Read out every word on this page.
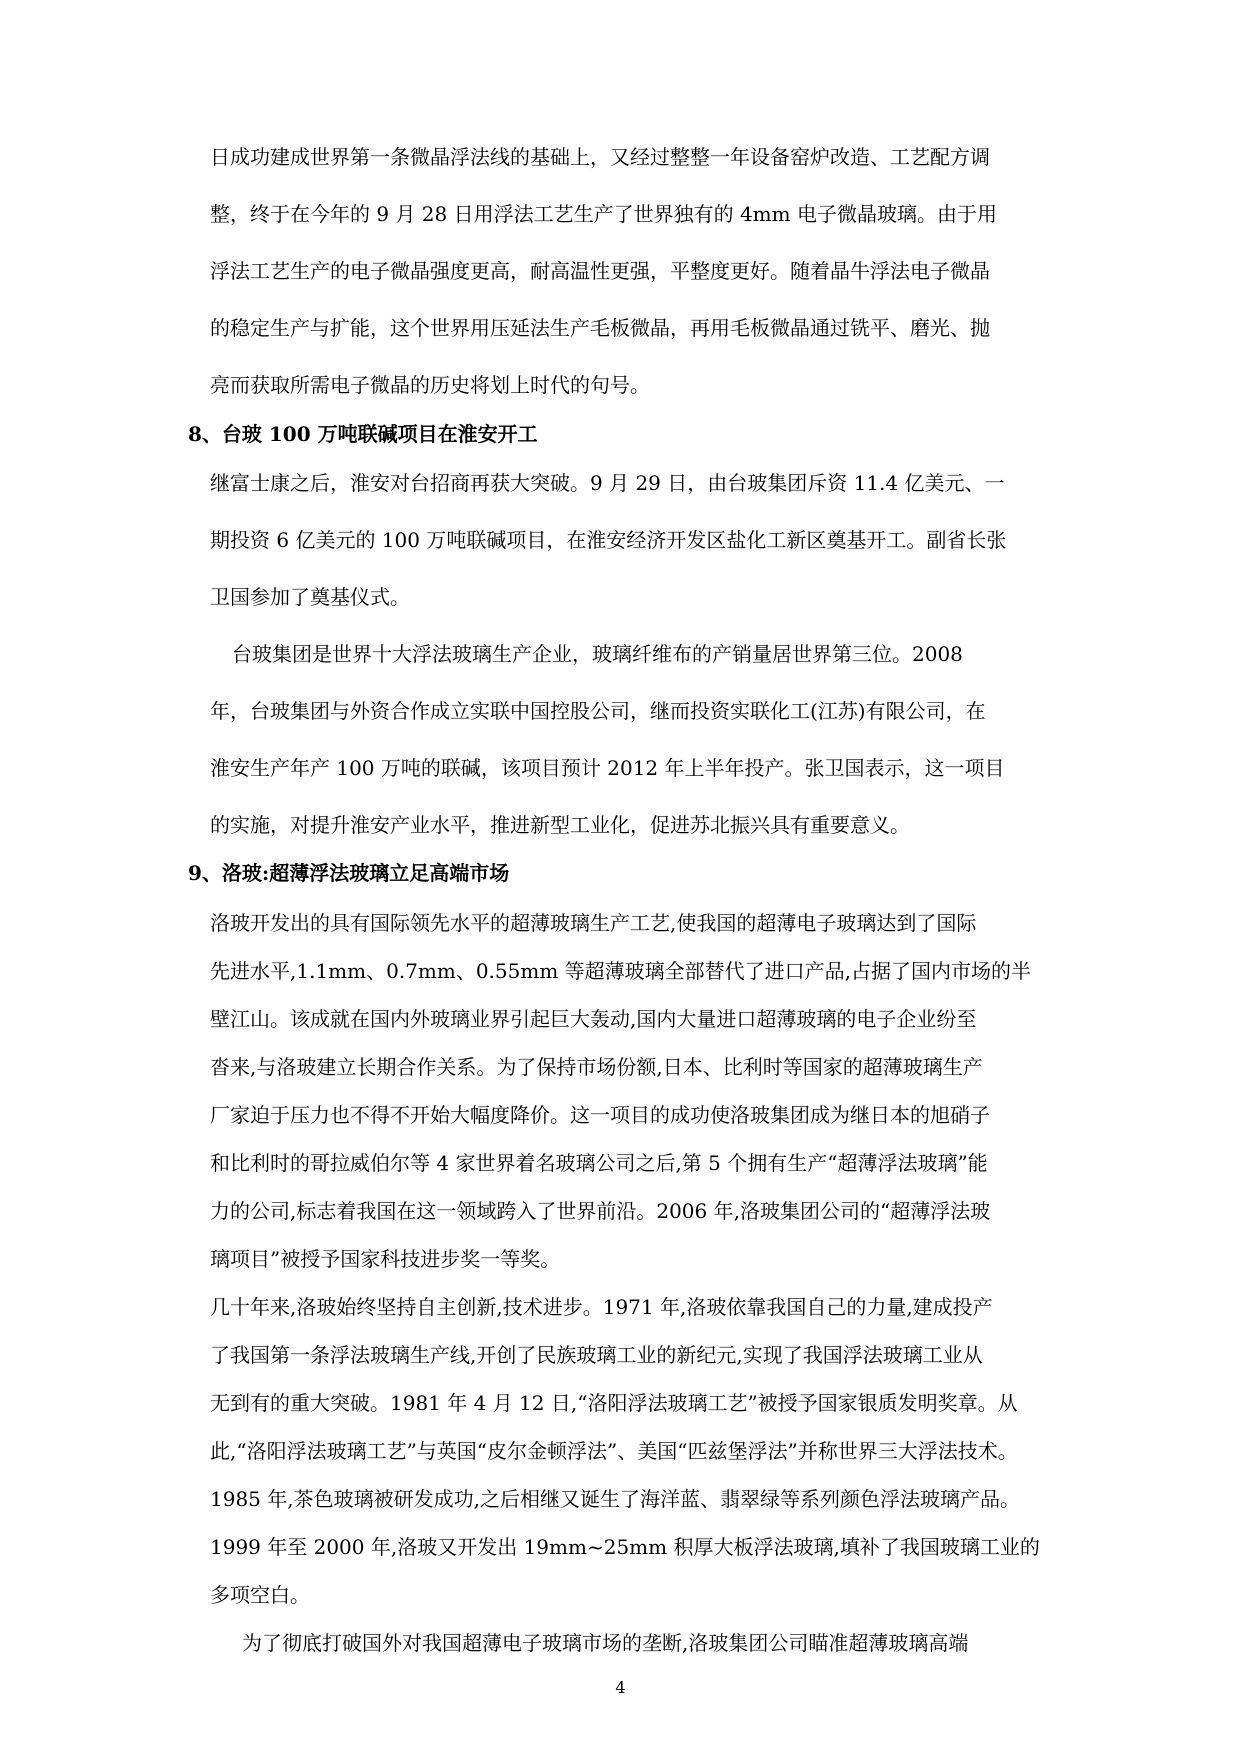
日成功建成世界第一条微晶浮法线的基础上，又经过整整一年设备窑炉改造、工艺配方调
整，终于在今年的 9 月 28 日用浮法工艺生产了世界独有的 4mm 电子微晶玻璃。由于用
浮法工艺生产的电子微晶强度更高，耐高温性更强，平整度更好。随着晶牛浮法电子微晶
的稳定生产与扩能，这个世界用压延法生产毛板微晶，再用毛板微晶通过铣平、磨光、抛
亮而获取所需电子微晶的历史将划上时代的句号。
8、台玻 100 万吨联碱项目在淮安开工
继富士康之后，淮安对台招商再获大突破。9 月 29 日，由台玻集团斥资 11.4 亿美元、一
期投资 6 亿美元的 100 万吨联碱项目，在淮安经济开发区盐化工新区奠基开工。副省长张
卫国参加了奠基仪式。
台玻集团是世界十大浮法玻璃生产企业，玻璃纤维布的产销量居世界第三位。2008
年，台玻集团与外资合作成立实联中国控股公司，继而投资实联化工(江苏)有限公司，在
淮安生产年产 100 万吨的联碱，该项目预计 2012 年上半年投产。张卫国表示，这一项目
的实施，对提升淮安产业水平，推进新型工业化，促进苏北振兴具有重要意义。
9、洛玻:超薄浮法玻璃立足高端市场
洛玻开发出的具有国际领先水平的超薄玻璃生产工艺,使我国的超薄电子玻璃达到了国际
先进水平,1.1mm、0.7mm、0.55mm 等超薄玻璃全部替代了进口产品,占据了国内市场的半
壁江山。该成就在国内外玻璃业界引起巨大轰动,国内大量进口超薄玻璃的电子企业纷至
沓来,与洛玻建立长期合作关系。为了保持市场份额,日本、比利时等国家的超薄玻璃生产
厂家迫于压力也不得不开始大幅度降价。这一项目的成功使洛玻集团成为继日本的旭硝子
和比利时的哥拉威伯尔等 4 家世界着名玻璃公司之后,第 5 个拥有生产“超薄浮法玻璃”能
力的公司,标志着我国在这一领域跨入了世界前沿。2006 年,洛玻集团公司的“超薄浮法玻
璃项目”被授予国家科技进步奖一等奖。
几十年来,洛玻始终坚持自主创新,技术进步。1971 年,洛玻依靠我国自己的力量,建成投产
了我国第一条浮法玻璃生产线,开创了民族玻璃工业的新纪元,实现了我国浮法玻璃工业从
无到有的重大突破。1981 年 4 月 12 日,“洛阳浮法玻璃工艺”被授予国家银质发明奖章。从
此,“洛阳浮法玻璃工艺”与英国“皮尔金顿浮法”、美国“匹兹堡浮法”并称世界三大浮法技术。
1985 年,茶色玻璃被研发成功,之后相继又诞生了海洋蓝、翡翠绿等系列颜色浮法玻璃产品。
1999 年至 2000 年,洛玻又开发出 19mm~25mm 积厚大板浮法玻璃,填补了我国玻璃工业的
多项空白。
为了彻底打破国外对我国超薄电子玻璃市场的垄断,洛玻集团公司瞄准超薄玻璃高端
4
